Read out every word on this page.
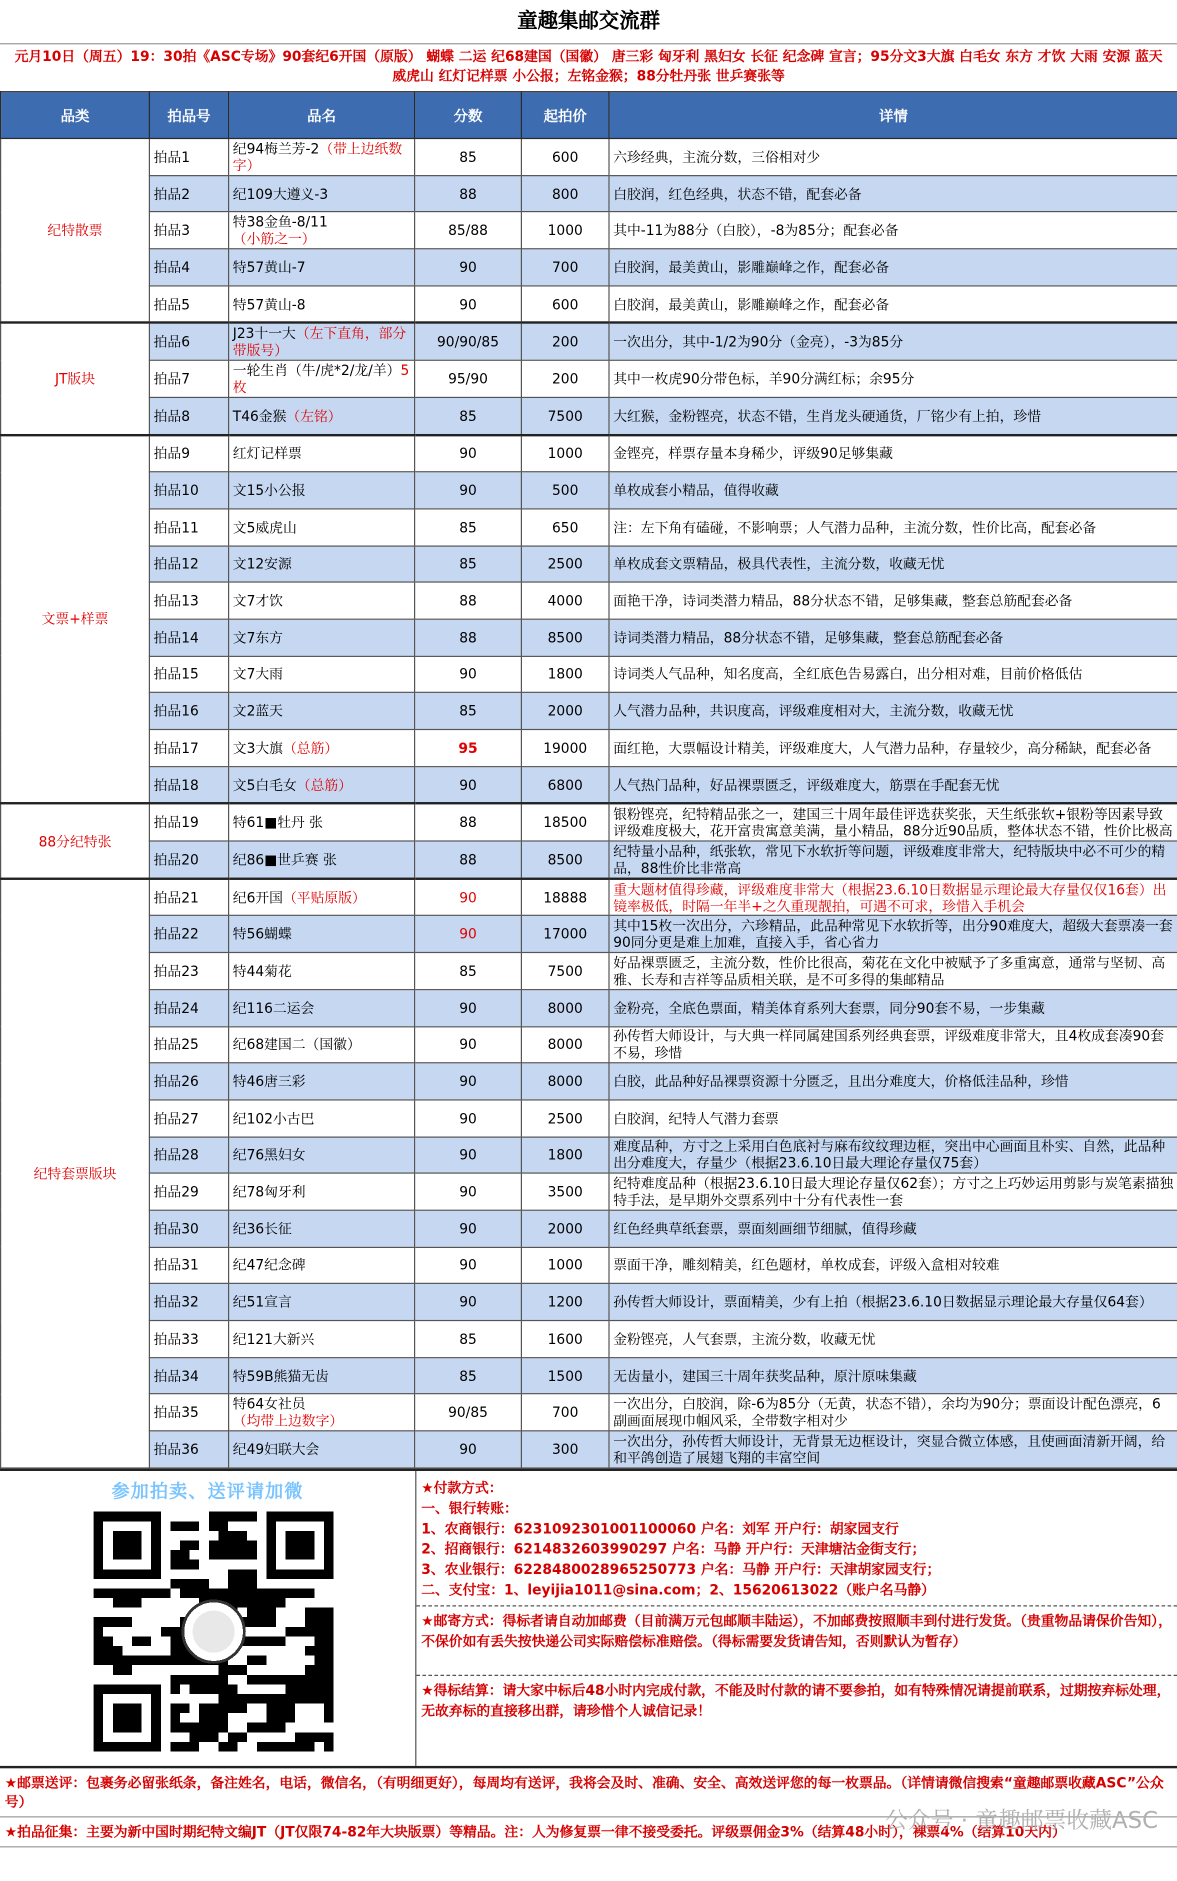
童趣集邮交流群
元月10日（周五）19：30拍《ASC专场》90套纪6开国（原版） 蝴蝶 二运 纪68建国（国徽） 唐三彩 匈牙利 黑妇女 长征 纪念碑 宣言；95分文3大旗 白毛女 东方 才饮 大雨 安源 蓝天 威虎山 红灯记样票 小公报；左铭金猴；88分牡丹张 世乒赛张等
品类	拍品号	品名	分数	起拍价	详情
纪特散票	拍品1	纪94梅兰芳-2（带上边纸数字）	85	600	六珍经典，主流分数，三俗相对少
	拍品2	纪109大遵义-3	88	800	白胶润，红色经典，状态不错，配套必备
	拍品3	特38金鱼-8/11（小筋之一）	85/88	1000	其中-11为88分（白胶），-8为85分；配套必备
	拍品4	特57黄山-7	90	700	白胶润，最美黄山，影雕巅峰之作，配套必备
	拍品5	特57黄山-8	90	600	白胶润，最美黄山，影雕巅峰之作，配套必备
JT版块	拍品6	J23十一大（左下直角，部分带版号）	90/90/85	200	一次出分，其中-1/2为90分（金亮），-3为85分
	拍品7	一轮生肖（牛/虎*2/龙/羊）5枚	95/90	200	其中一枚虎90分带色标，羊90分满红标；余95分
	拍品8	T46金猴（左铭）	85	7500	大红猴，金粉铿亮，状态不错，生肖龙头硬通货，厂铭少有上拍，珍惜
文票+样票	拍品9	红灯记样票	90	1000	金铿亮，样票存量本身稀少，评级90足够集藏
	拍品10	文15小公报	90	500	单枚成套小精品，值得收藏
	拍品11	文5威虎山	85	650	注：左下角有磕碰，不影响票；人气潜力品种，主流分数，性价比高，配套必备
	拍品12	文12安源	85	2500	单枚成套文票精品，极具代表性，主流分数，收藏无忧
	拍品13	文7才饮	88	4000	面艳干净，诗词类潜力精品，88分状态不错，足够集藏，整套总筋配套必备
	拍品14	文7东方	88	8500	诗词类潜力精品，88分状态不错，足够集藏，整套总筋配套必备
	拍品15	文7大雨	90	1800	诗词类人气品种，知名度高，全红底色告易露白，出分相对难，目前价格低估
	拍品16	文2蓝天	85	2000	人气潜力品种，共识度高，评级难度相对大，主流分数，收藏无忧
	拍品17	文3大旗（总筋）	95	19000	面红艳，大票幅设计精美，评级难度大，人气潜力品种，存量较少，高分稀缺，配套必备
	拍品18	文5白毛女（总筋）	90	6800	人气热门品种，好品裸票匮乏，评级难度大，筋票在手配套无忧
88分纪特张	拍品19	特61■牡丹 张	88	18500	银粉铿亮，纪特精品张之一，建国三十周年最佳评选获奖张，天生纸张软+银粉等因素导致评级难度极大，花开富贵寓意美满，量小精品，88分近90品质，整体状态不错，性价比极高
	拍品20	纪86■世乒赛 张	88	8500	纪特量小品种，纸张软，常见下水软折等问题，评级难度非常大，纪特版块中必不可少的精品，88性价比非常高
纪特套票版块	拍品21	纪6开国（平贴原版）	90	18888	重大题材值得珍藏，评级难度非常大（根据23.6.10日数据显示理论最大存量仅仅16套）出镜率极低，时隔一年半+之久重现靓拍，可遇不可求，珍惜入手机会
	拍品22	特56蝴蝶	90	17000	其中15枚一次出分，六珍精品，此品种常见下水软折等，出分90难度大，超级大套票凑一套90同分更是难上加难，直接入手，省心省力
	拍品23	特44菊花	85	7500	好品裸票匮乏，主流分数，性价比很高，菊花在文化中被赋予了多重寓意，通常与坚韧、高雅、长寿和吉祥等品质相关联，是不可多得的集邮精品
	拍品24	纪116二运会	90	8000	金粉亮，全底色票面，精美体育系列大套票，同分90套不易，一步集藏
	拍品25	纪68建国二（国徽）	90	8000	孙传哲大师设计，与大典一样同属建国系列经典套票，评级难度非常大，且4枚成套凑90套不易，珍惜
	拍品26	特46唐三彩	90	8000	白胶，此品种好品裸票资源十分匮乏，且出分难度大，价格低洼品种，珍惜
	拍品27	纪102小古巴	90	2500	白胶润，纪特人气潜力套票
	拍品28	纪76黑妇女	90	1800	难度品种，方寸之上采用白色底衬与麻布纹纹理边框，突出中心画面且朴实、自然，此品种出分难度大，存量少（根据23.6.10日最大理论存量仅75套）
	拍品29	纪78匈牙利	90	3500	纪特难度品种（根据23.6.10日最大理论存量仅62套）；方寸之上巧妙运用剪影与炭笔素描独特手法，是早期外交票系列中十分有代表性一套
	拍品30	纪36长征	90	2000	红色经典草纸套票，票面刻画细节细腻，值得珍藏
	拍品31	纪47纪念碑	90	1000	票面干净，雕刻精美，红色题材，单枚成套，评级入盒相对较难
	拍品32	纪51宣言	90	1200	孙传哲大师设计，票面精美，少有上拍（根据23.6.10日数据显示理论最大存量仅64套）
	拍品33	纪121大新兴	85	1600	金粉铿亮，人气套票，主流分数，收藏无忧
	拍品34	特59B熊猫无齿	85	1500	无齿量小，建国三十周年获奖品种，原汁原味集藏
	拍品35	特64女社员（均带上边数字）	90/85	700	一次出分，白胶润，除-6为85分（无黄，状态不错），余均为90分；票面设计配色漂亮，6副画面展现巾帼风采，全带数字相对少
	拍品36	纪49妇联大会	90	300	一次出分，孙传哲大师设计，无背景无边框设计，突显合微立体感，且使画面清新开阔，给和平鸽创造了展翅飞翔的丰富空间
参加拍卖、送评请加微	★付款方式：
一、银行转账：
1、农商银行：6231092301001100060 户名：刘军 开户行：胡家园支行
2、招商银行：6214832603990297 户名：马静 开户行：天津塘沽金街支行；
3、农业银行：6228480028965250773 户名：马静 开户行：天津胡家园支行；
二、支付宝：1、leyijia1011@sina.com；2、15620613022（账户名马静）
★邮寄方式：得标者请自动加邮费（目前满万元包邮顺丰陆运），不加邮费按照顺丰到付进行发货。（贵重物品请保价告知），不保价如有丢失按快递公司实际赔偿标准赔偿。（得标需要发货请告知，否则默认为暂存）
★得标结算：请大家中标后48小时内完成付款，不能及时付款的请不要参拍，如有特殊情况请提前联系，过期按弃标处理，无故弃标的直接移出群，请珍惜个人诚信记录！
★邮票送评：包裹务必留张纸条，备注姓名，电话，微信名，（有明细更好），每周均有送评，我将会及时、准确、安全、高效送评您的每一枚票品。（详情请微信搜索“童趣邮票收藏ASC”公众号）
★拍品征集：主要为新中国时期纪特文编JT（JT仅限74-82年大块版票）等精品。注：人为修复票一律不接受委托。评级票佣金3%（结算48小时），裸票4%（结算10天内）
公众号 · 童趣邮票收藏ASC
